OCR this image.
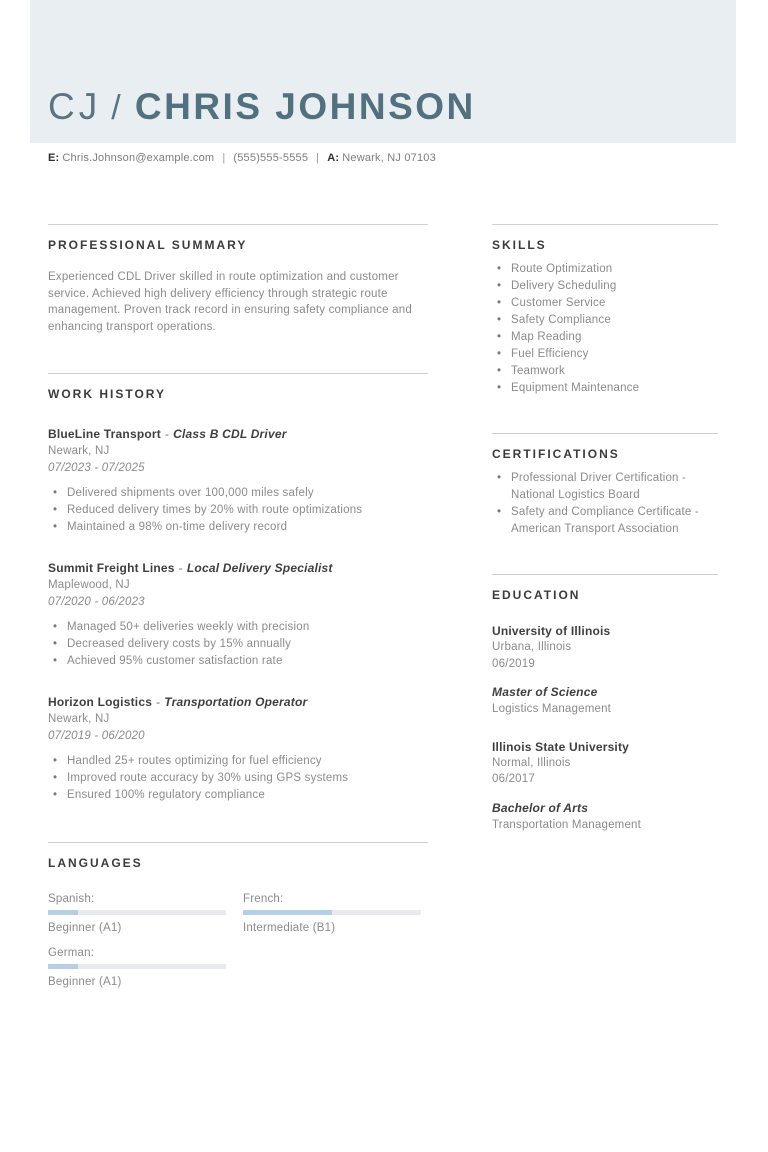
CJ / CHRIS JOHNSON
E: Chris.Johnson@example.com | (555)555-5555 | A: Newark, NJ 07103
PROFESSIONAL SUMMARY

Experienced CDL Driver skilled in route optimization and customer service. Achieved high delivery efficiency through strategic route management. Proven track record in ensuring safety compliance and enhancing transport operations.

WORK HISTORY
BlueLine Transport - Class B CDL Driver
Newark, NJ
07/2023 - 07/2025
• Delivered shipments over 100,000 miles safely
• Reduced delivery times by 20% with route optimizations
• Maintained a 98% on-time delivery record
Summit Freight Lines - Local Delivery Specialist
Maplewood, NJ
07/2020 - 06/2023
• Managed 50+ deliveries weekly with precision
• Decreased delivery costs by 15% annually
• Achieved 95% customer satisfaction rate
Horizon Logistics - Transportation Operator
Newark, NJ
07/2019 - 06/2020
• Handled 25+ routes optimizing for fuel efficiency
• Improved route accuracy by 30% using GPS systems
• Ensured 100% regulatory compliance
LANGUAGES
Spanish:
Beginner (A1)
French:
Intermediate (B1)
German:
Beginner (A1)
SKILLS
• Route Optimization
• Delivery Scheduling
• Customer Service
• Safety Compliance
• Map Reading
• Fuel Efficiency
• Teamwork
• Equipment Maintenance
CERTIFICATIONS
• Professional Driver Certification - National Logistics Board
• Safety and Compliance Certificate - American Transport Association
EDUCATION
University of Illinois
Urbana, Illinois
06/2019
Master of Science
Logistics Management
Illinois State University
Normal, Illinois
06/2017
Bachelor of Arts
Transportation Management
